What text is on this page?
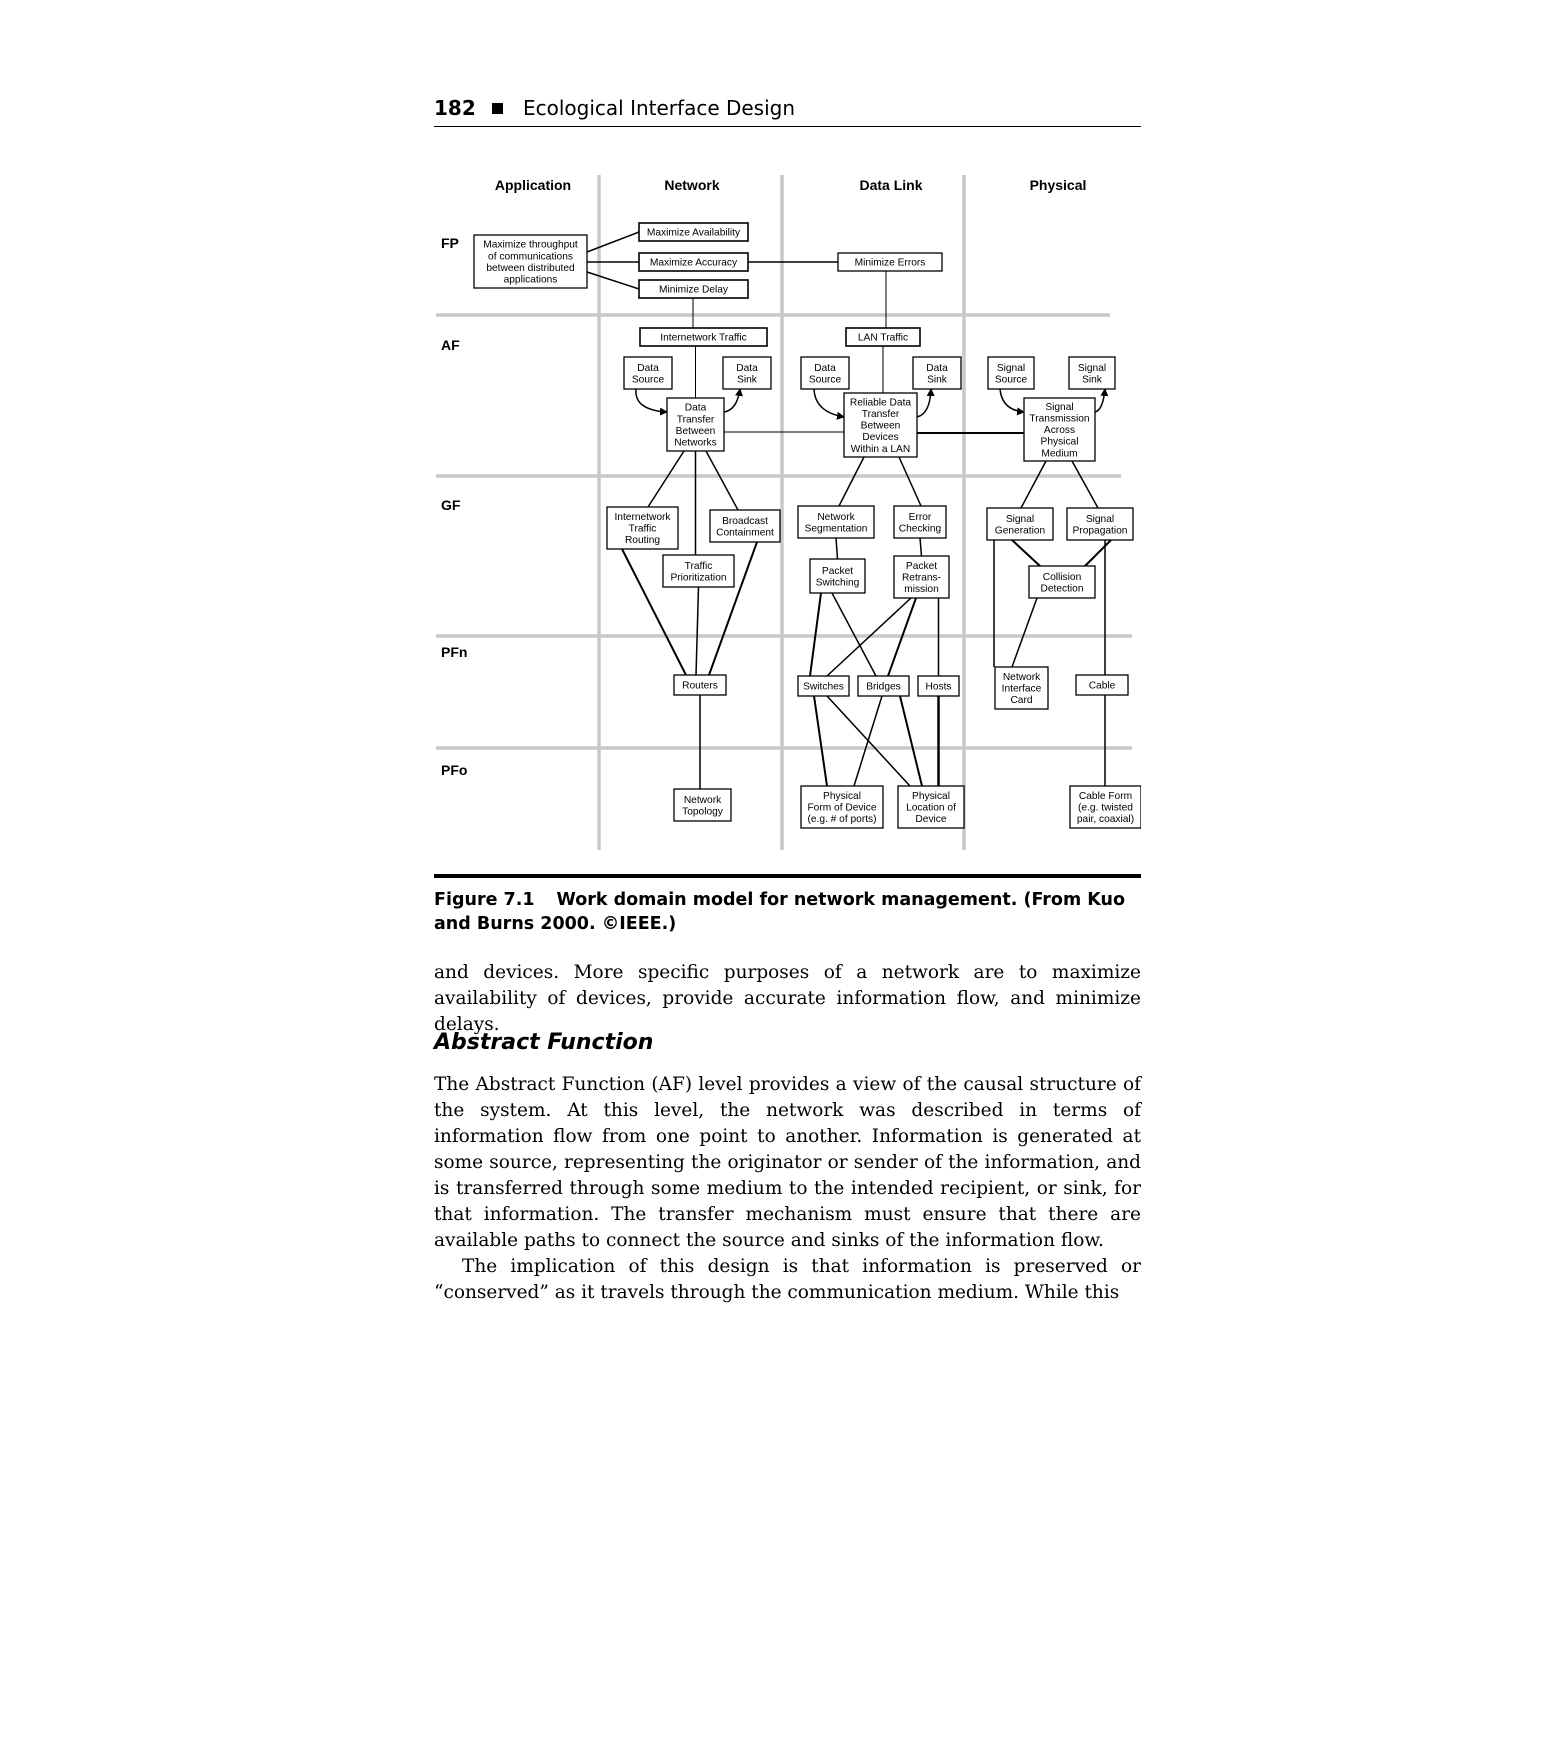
182 Ecological Interface Design
Maximize throughput
of communications
between distributed
applications
Maximize Availability
Maximize Accuracy
Minimize Delay
Minimize Errors
Internetwork Traffic	LAN Traffic
Data
Source
Data
Sink
Data
Transfer
Between
Networks
Data
Source
Data
Sink
Reliable Data
Transfer
Between
Devices
Within a LAN
Signal
Source
Signal
Sink
Signal
Transmission
Across
Physical
Medium
Internetwork
Traffic
Routing
Broadcast
Containment
Traffic
Prioritization
Network
Segmentation
Error
Checking
Packet
Switching
Packet
Retrans-
mission
Signal
Generation
Signal
Propagation
Collision
Detection
Routers	Switches Bridges Hosts
Network
Interface
Card
Cable
Network
Topology
Physical
Form of Device
(e.g. # of ports)
Physical
Location of
Device
Cable Form
(e.g. twisted
pair, coaxial)
Application	Network	Data Link	Physical
FP
AF
GF
PFn
PFo
Figure 7.1 Work domain model for network management. (From Kuo and Burns 2000. ©IEEE.)

and devices. More specific purposes of a network are to maximize availability of devices, provide accurate information flow, and minimize delays.

Abstract Function

The Abstract Function (AF) level provides a view of the causal structure of the system. At this level, the network was described in terms of information flow from one point to another. Information is generated at some source, representing the originator or sender of the information, and is transferred through some medium to the intended recipient, or sink, for that information. The transfer mechanism must ensure that there are available paths to connect the source and sinks of the information flow.

The implication of this design is that information is preserved or “conserved” as it travels through the communication medium. While this
